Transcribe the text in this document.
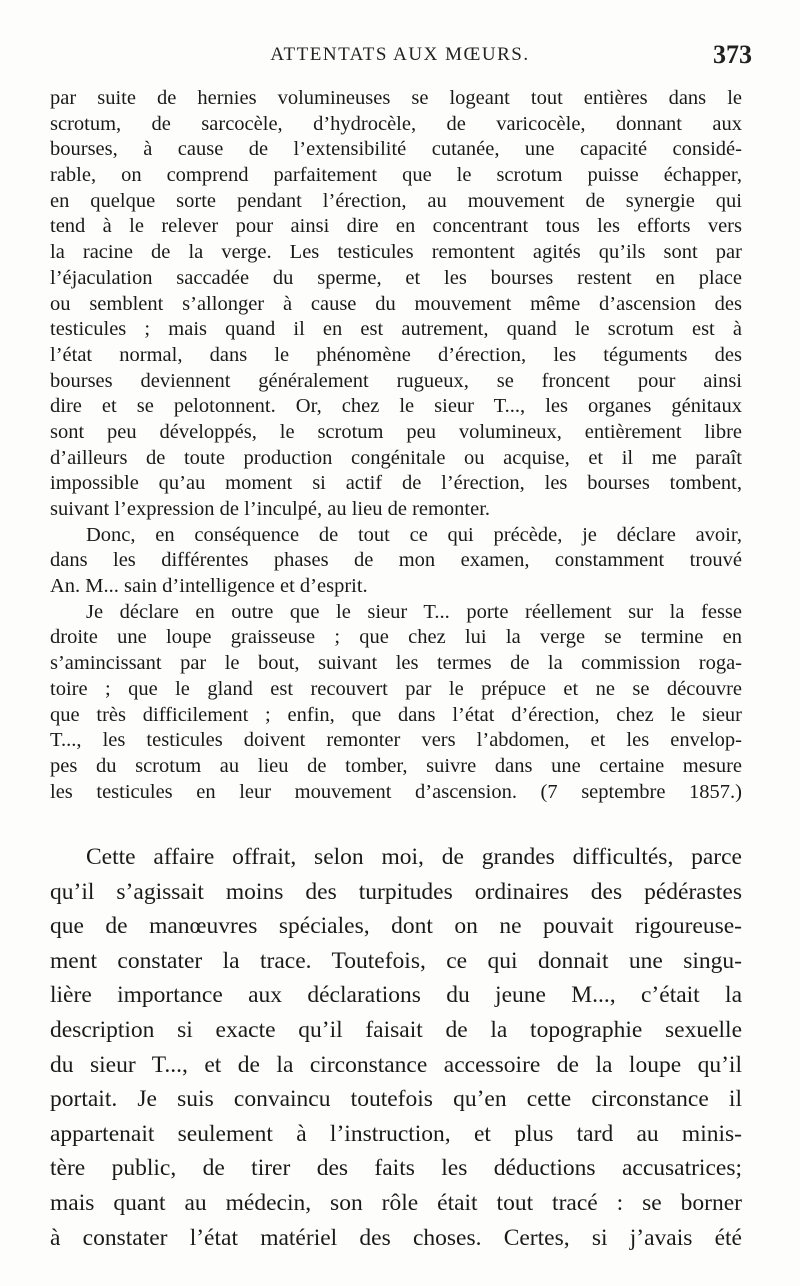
ATTENTATS AUX MŒURS.	373
par suite de hernies volumineuses se logeant tout entières dans le
scrotum, de sarcocèle, d’hydrocèle, de varicocèle, donnant aux
bourses, à cause de l’extensibilité cutanée, une capacité considé-
rable, on comprend parfaitement que le scrotum puisse échapper,
en quelque sorte pendant l’érection, au mouvement de synergie qui
tend à le relever pour ainsi dire en concentrant tous les efforts vers
la racine de la verge. Les testicules remontent agités qu’ils sont par
l’éjaculation saccadée du sperme, et les bourses restent en place
ou semblent s’allonger à cause du mouvement même d’ascension des
testicules ; mais quand il en est autrement, quand le scrotum est à
l’état normal, dans le phénomène d’érection, les téguments des
bourses deviennent généralement rugueux, se froncent pour ainsi
dire et se pelotonnent. Or, chez le sieur T..., les organes génitaux
sont peu développés, le scrotum peu volumineux, entièrement libre
d’ailleurs de toute production congénitale ou acquise, et il me paraît
impossible qu’au moment si actif de l’érection, les bourses tombent,
suivant l’expression de l’inculpé, au lieu de remonter.
Donc, en conséquence de tout ce qui précède, je déclare avoir,
dans les différentes phases de mon examen, constamment trouvé
An. M... sain d’intelligence et d’esprit.
Je déclare en outre que le sieur T... porte réellement sur la fesse
droite une loupe graisseuse ; que chez lui la verge se termine en
s’amincissant par le bout, suivant les termes de la commission roga-
toire ; que le gland est recouvert par le prépuce et ne se découvre
que très difficilement ; enfin, que dans l’état d’érection, chez le sieur
T..., les testicules doivent remonter vers l’abdomen, et les envelop-
pes du scrotum au lieu de tomber, suivre dans une certaine mesure
les testicules en leur mouvement d’ascension. (7 septembre 1857.)
Cette affaire offrait, selon moi, de grandes difficultés, parce
qu’il s’agissait moins des turpitudes ordinaires des pédérastes
que de manœuvres spéciales, dont on ne pouvait rigoureuse-
ment constater la trace. Toutefois, ce qui donnait une singu-
lière importance aux déclarations du jeune M..., c’était la
description si exacte qu’il faisait de la topographie sexuelle
du sieur T..., et de la circonstance accessoire de la loupe qu’il
portait. Je suis convaincu toutefois qu’en cette circonstance il
appartenait seulement à l’instruction, et plus tard au minis-
tère public, de tirer des faits les déductions accusatrices;
mais quant au médecin, son rôle était tout tracé : se borner
à constater l’état matériel des choses. Certes, si j’avais été
